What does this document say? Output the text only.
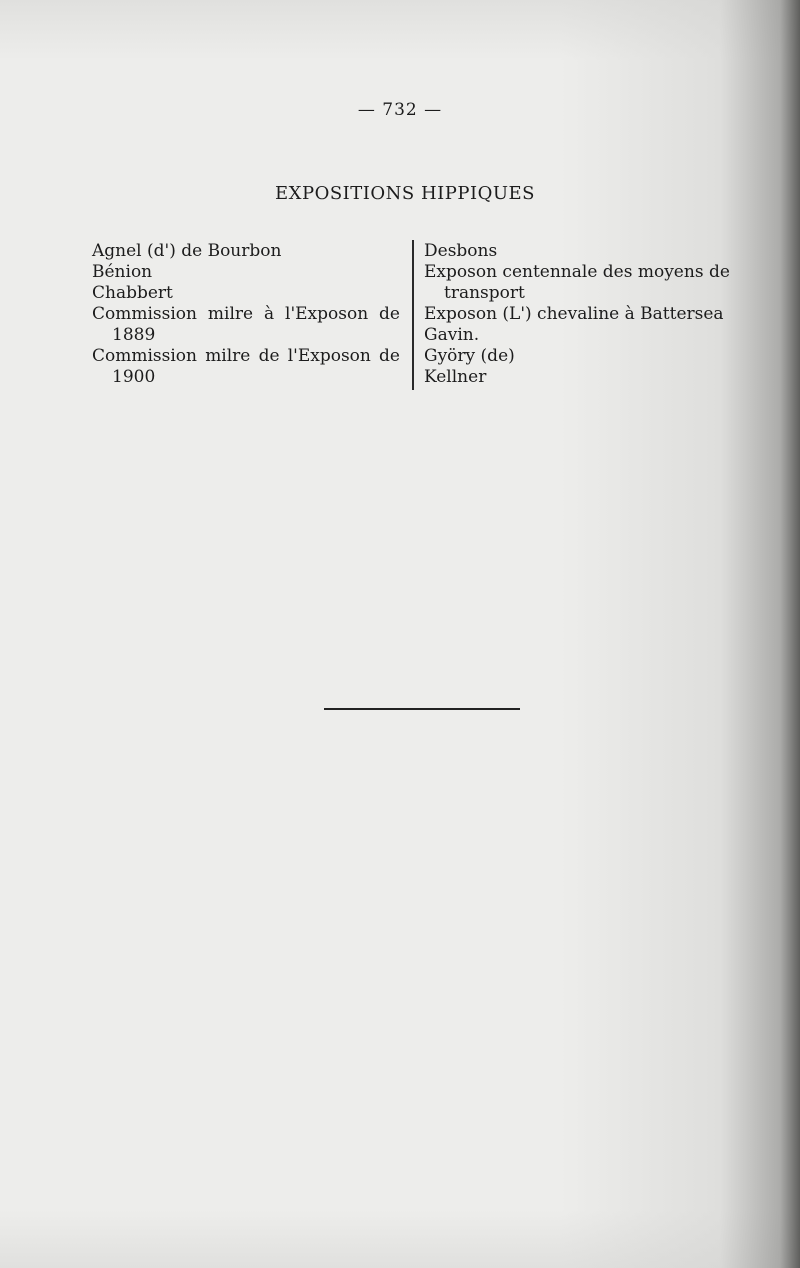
— 732 —
EXPOSITIONS HIPPIQUES
Agnel (d') de Bourbon
Bénion
Chabbert
Commission milre à l'Exposon de
1889
Commission milre de l'Exposon de
1900
Desbons
Exposon centennale des moyens de
transport
Exposon (L') chevaline à Battersea
Gavin.
Györy (de)
Kellner
